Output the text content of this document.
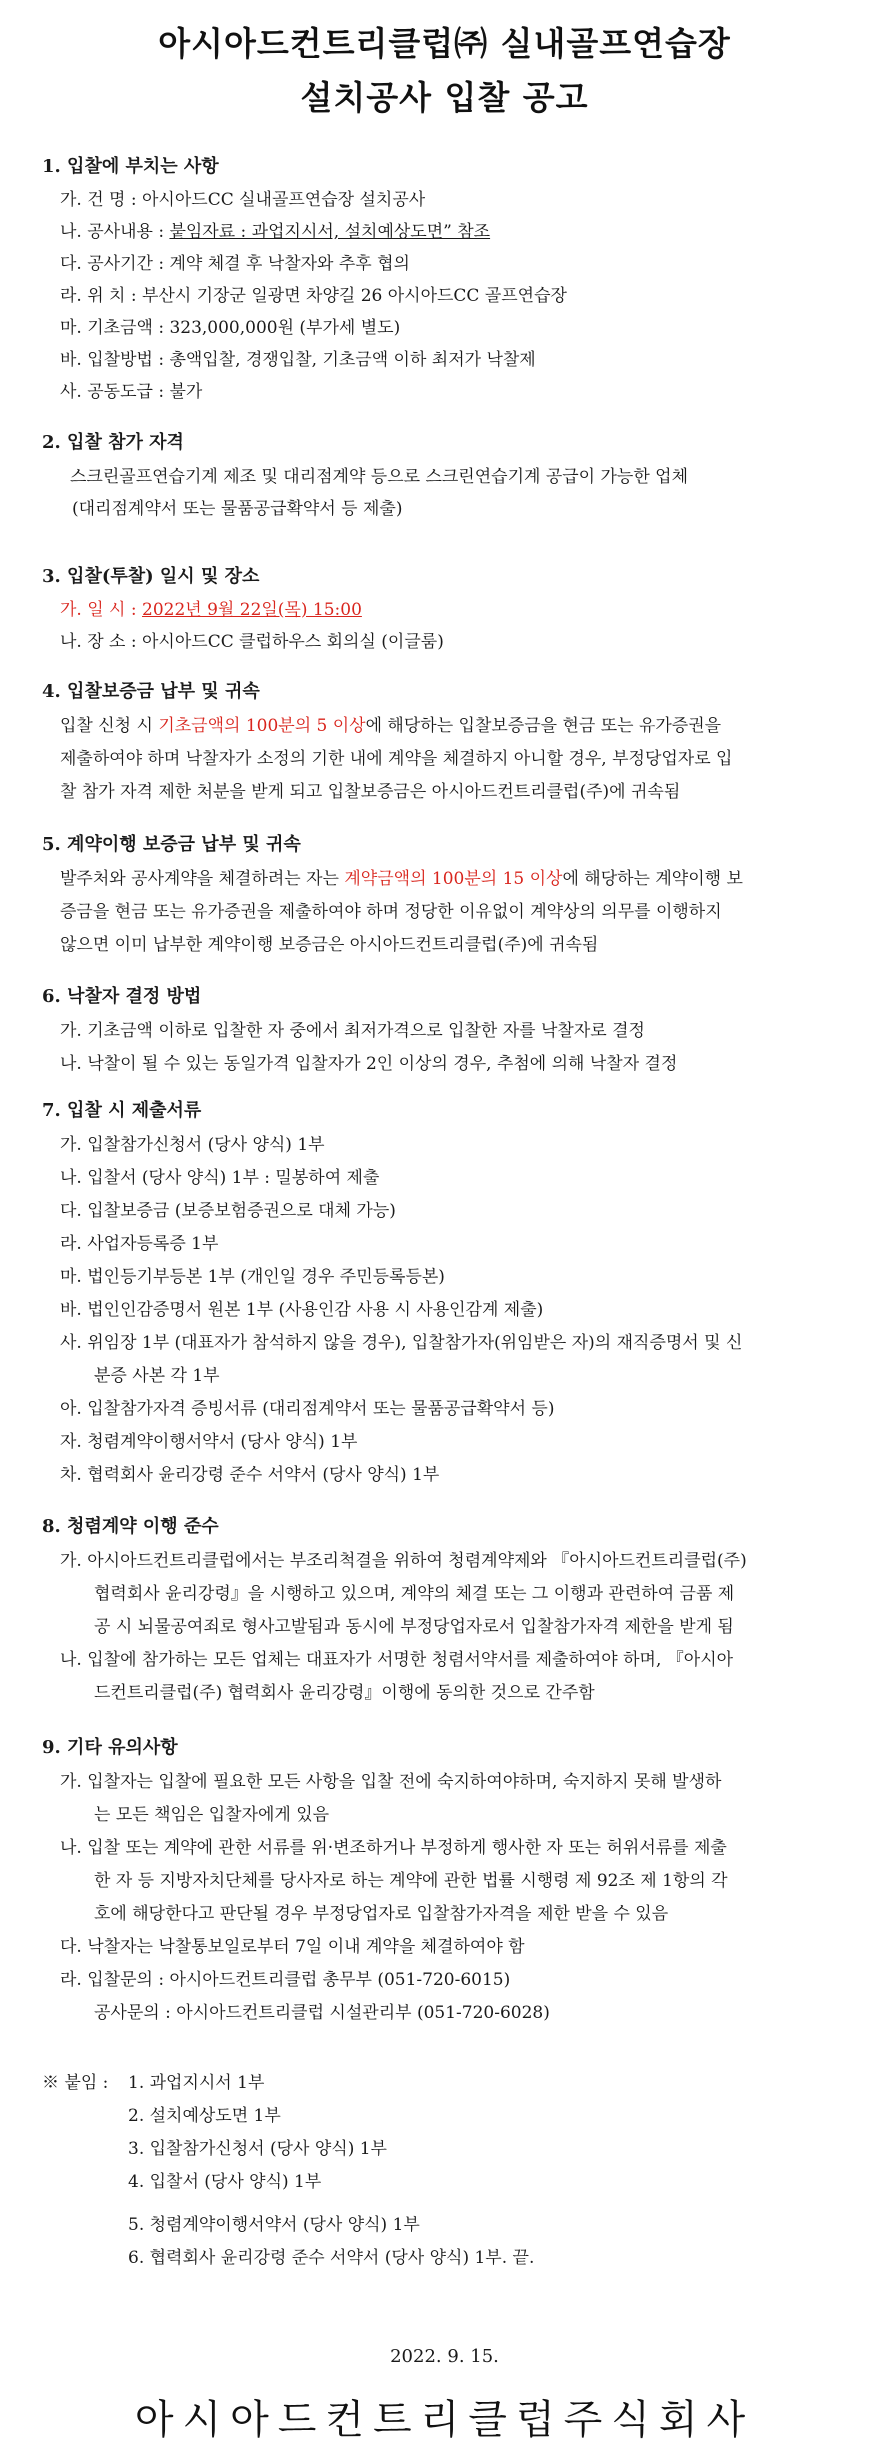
아시아드컨트리클럽㈜ 실내골프연습장
설치공사 입찰 공고
1. 입찰에 부치는 사항
가. 건 명 : 아시아드CC 실내골프연습장 설치공사
나. 공사내용 : 붙임자료 : 과업지시서, 설치예상도면” 참조
다. 공사기간 : 계약 체결 후 낙찰자와 추후 협의
라. 위 치 : 부산시 기장군 일광면 차양길 26 아시아드CC 골프연습장
마. 기초금액 : 323,000,000원 (부가세 별도)
바. 입찰방법 : 총액입찰, 경쟁입찰, 기초금액 이하 최저가 낙찰제
사. 공동도급 : 불가
2. 입찰 참가 자격
스크린골프연습기계 제조 및 대리점계약 등으로 스크린연습기계 공급이 가능한 업체
(대리점계약서 또는 물품공급확약서 등 제출)
3. 입찰(투찰) 일시 및 장소
가. 일 시 : 2022년 9월 22일(목) 15:00
나. 장 소 : 아시아드CC 클럽하우스 회의실 (이글룸)
4. 입찰보증금 납부 및 귀속
입찰 신청 시 기초금액의 100분의 5 이상에 해당하는 입찰보증금을 현금 또는 유가증권을
제출하여야 하며 낙찰자가 소정의 기한 내에 계약을 체결하지 아니할 경우, 부정당업자로 입
찰 참가 자격 제한 처분을 받게 되고 입찰보증금은 아시아드컨트리클럽(주)에 귀속됨
5. 계약이행 보증금 납부 및 귀속
발주처와 공사계약을 체결하려는 자는 계약금액의 100분의 15 이상에 해당하는 계약이행 보
증금을 현금 또는 유가증권을 제출하여야 하며 정당한 이유없이 계약상의 의무를 이행하지
않으면 이미 납부한 계약이행 보증금은 아시아드컨트리클럽(주)에 귀속됨
6. 낙찰자 결정 방법
가. 기초금액 이하로 입찰한 자 중에서 최저가격으로 입찰한 자를 낙찰자로 결정
나. 낙찰이 될 수 있는 동일가격 입찰자가 2인 이상의 경우, 추첨에 의해 낙찰자 결정
7. 입찰 시 제출서류
가. 입찰참가신청서 (당사 양식) 1부
나. 입찰서 (당사 양식) 1부 : 밀봉하여 제출
다. 입찰보증금 (보증보험증권으로 대체 가능)
라. 사업자등록증 1부
마. 법인등기부등본 1부 (개인일 경우 주민등록등본)
바. 법인인감증명서 원본 1부 (사용인감 사용 시 사용인감계 제출)
사. 위임장 1부 (대표자가 참석하지 않을 경우), 입찰참가자(위임받은 자)의 재직증명서 및 신
분증 사본 각 1부
아. 입찰참가자격 증빙서류 (대리점계약서 또는 물품공급확약서 등)
자. 청렴계약이행서약서 (당사 양식) 1부
차. 협력회사 윤리강령 준수 서약서 (당사 양식) 1부
8. 청렴계약 이행 준수
가. 아시아드컨트리클럽에서는 부조리척결을 위하여 청렴계약제와 『아시아드컨트리클럽(주)
협력회사 윤리강령』을 시행하고 있으며, 계약의 체결 또는 그 이행과 관련하여 금품 제
공 시 뇌물공여죄로 형사고발됨과 동시에 부정당업자로서 입찰참가자격 제한을 받게 됨
나. 입찰에 참가하는 모든 업체는 대표자가 서명한 청렴서약서를 제출하여야 하며, 『아시아
드컨트리클럽(주) 협력회사 윤리강령』이행에 동의한 것으로 간주함
9. 기타 유의사항
가. 입찰자는 입찰에 필요한 모든 사항을 입찰 전에 숙지하여야하며, 숙지하지 못해 발생하
는 모든 책임은 입찰자에게 있음
나. 입찰 또는 계약에 관한 서류를 위·변조하거나 부정하게 행사한 자 또는 허위서류를 제출
한 자 등 지방자치단체를 당사자로 하는 계약에 관한 법률 시행령 제 92조 제 1항의 각
호에 해당한다고 판단될 경우 부정당업자로 입찰참가자격을 제한 받을 수 있음
다. 낙찰자는 낙찰통보일로부터 7일 이내 계약을 체결하여야 함
라. 입찰문의 : 아시아드컨트리클럽 총무부 (051-720-6015)
공사문의 : 아시아드컨트리클럽 시설관리부 (051-720-6028)
※ 붙임 :	1. 과업지시서 1부
2. 설치예상도면 1부
3. 입찰참가신청서 (당사 양식) 1부
4. 입찰서 (당사 양식) 1부
5. 청렴계약이행서약서 (당사 양식) 1부
6. 협력회사 윤리강령 준수 서약서 (당사 양식) 1부. 끝.
2022. 9. 15.
아시아드컨트리클럽주식회사
